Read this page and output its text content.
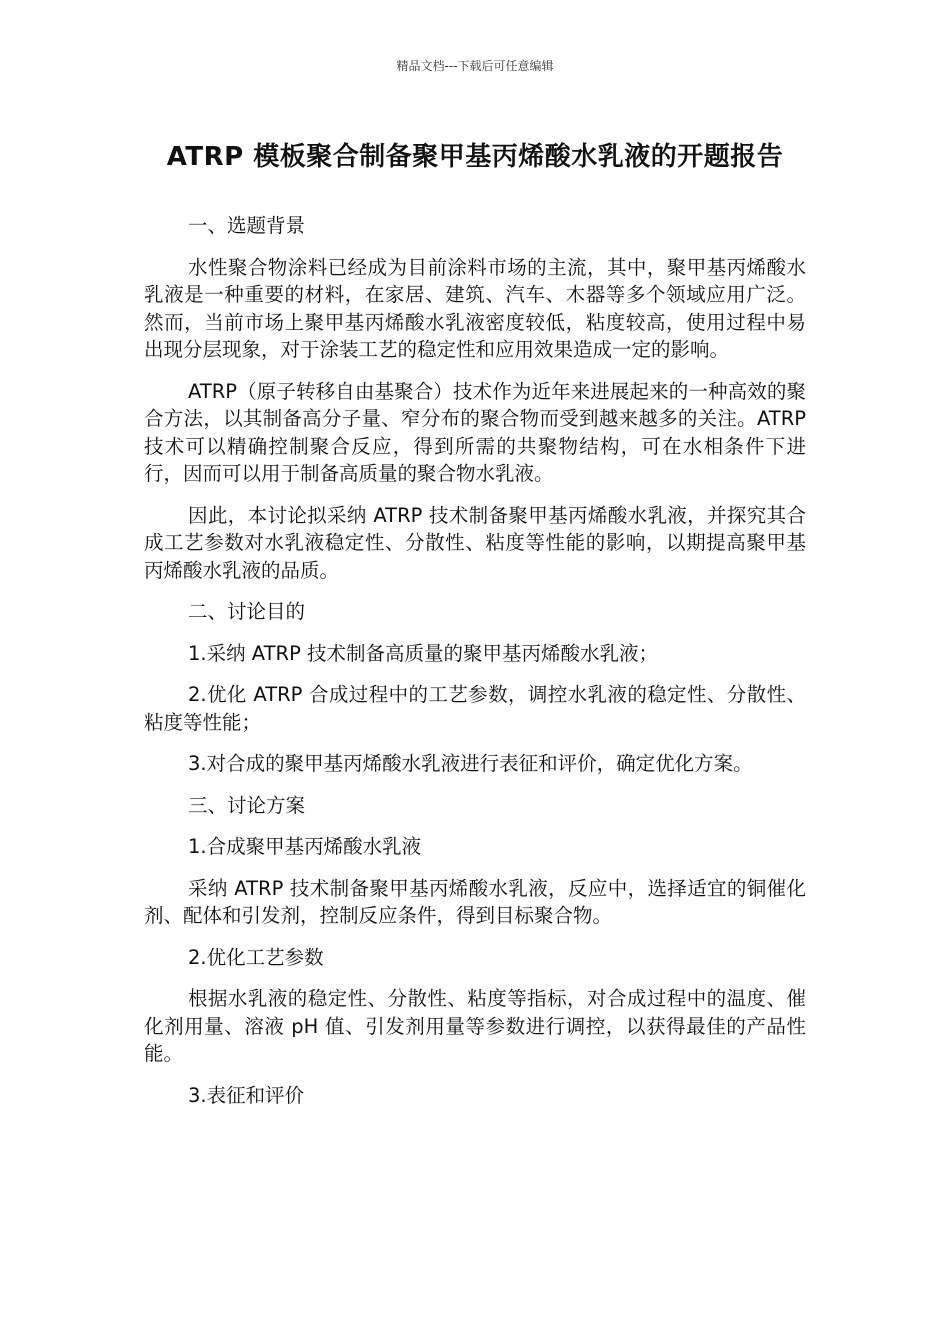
精品文档---下载后可任意编辑
ATRP 模板聚合制备聚甲基丙烯酸水乳液的开题报告

一、选题背景

水性聚合物涂料已经成为目前涂料市场的主流，其中，聚甲基丙烯酸水乳液是一种重要的材料，在家居、建筑、汽车、木器等多个领域应用广泛。然而，当前市场上聚甲基丙烯酸水乳液密度较低，粘度较高，使用过程中易出现分层现象，对于涂装工艺的稳定性和应用效果造成一定的影响。

ATRP（原子转移自由基聚合）技术作为近年来进展起来的一种高效的聚合方法，以其制备高分子量、窄分布的聚合物而受到越来越多的关注。ATRP 技术可以精确控制聚合反应，得到所需的共聚物结构，可在水相条件下进行，因而可以用于制备高质量的聚合物水乳液。

因此，本讨论拟采纳 ATRP 技术制备聚甲基丙烯酸水乳液，并探究其合成工艺参数对水乳液稳定性、分散性、粘度等性能的影响，以期提高聚甲基丙烯酸水乳液的品质。

二、讨论目的

1.采纳 ATRP 技术制备高质量的聚甲基丙烯酸水乳液；

2.优化 ATRP 合成过程中的工艺参数，调控水乳液的稳定性、分散性、粘度等性能；

3.对合成的聚甲基丙烯酸水乳液进行表征和评价，确定优化方案。

三、讨论方案

1.合成聚甲基丙烯酸水乳液

采纳 ATRP 技术制备聚甲基丙烯酸水乳液，反应中，选择适宜的铜催化剂、配体和引发剂，控制反应条件，得到目标聚合物。

2.优化工艺参数

根据水乳液的稳定性、分散性、粘度等指标，对合成过程中的温度、催化剂用量、溶液 pH 值、引发剂用量等参数进行调控，以获得最佳的产品性能。

3.表征和评价
